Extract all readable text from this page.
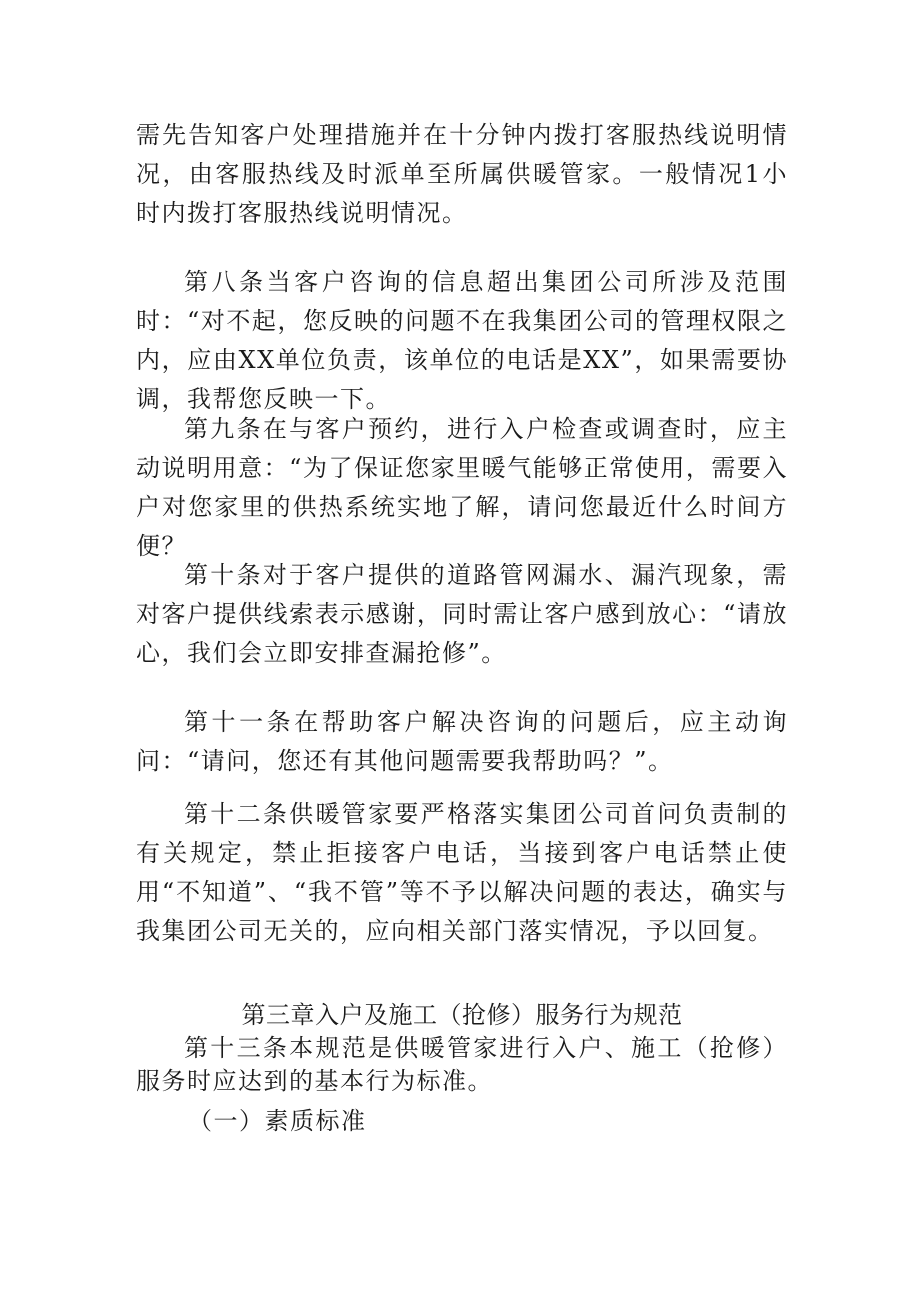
需先告知客户处理措施并在十分钟内拨打客服热线说明情况，由客服热线及时派单至所属供暖管家。一般情况1小时内拨打客服热线说明情况。

第八条当客户咨询的信息超出集团公司所涉及范围时：“对不起，您反映的问题不在我集团公司的管理权限之内，应由XX单位负责，该单位的电话是XX”，如果需要协调，我帮您反映一下。

第九条在与客户预约，进行入户检查或调查时，应主动说明用意：“为了保证您家里暖气能够正常使用，需要入户对您家里的供热系统实地了解，请问您最近什么时间方便？

第十条对于客户提供的道路管网漏水、漏汽现象，需对客户提供线索表示感谢，同时需让客户感到放心：“请放心，我们会立即安排查漏抢修”。

第十一条在帮助客户解决咨询的问题后，应主动询问：“请问，您还有其他问题需要我帮助吗？”。

第十二条供暖管家要严格落实集团公司首问负责制的有关规定，禁止拒接客户电话，当接到客户电话禁止使用“不知道”、“我不管”等不予以解决问题的表达，确实与我集团公司无关的，应向相关部门落实情况，予以回复。

第三章入户及施工（抢修）服务行为规范

第十三条本规范是供暖管家进行入户、施工（抢修）服务时应达到的基本行为标准。

（一）素质标准
